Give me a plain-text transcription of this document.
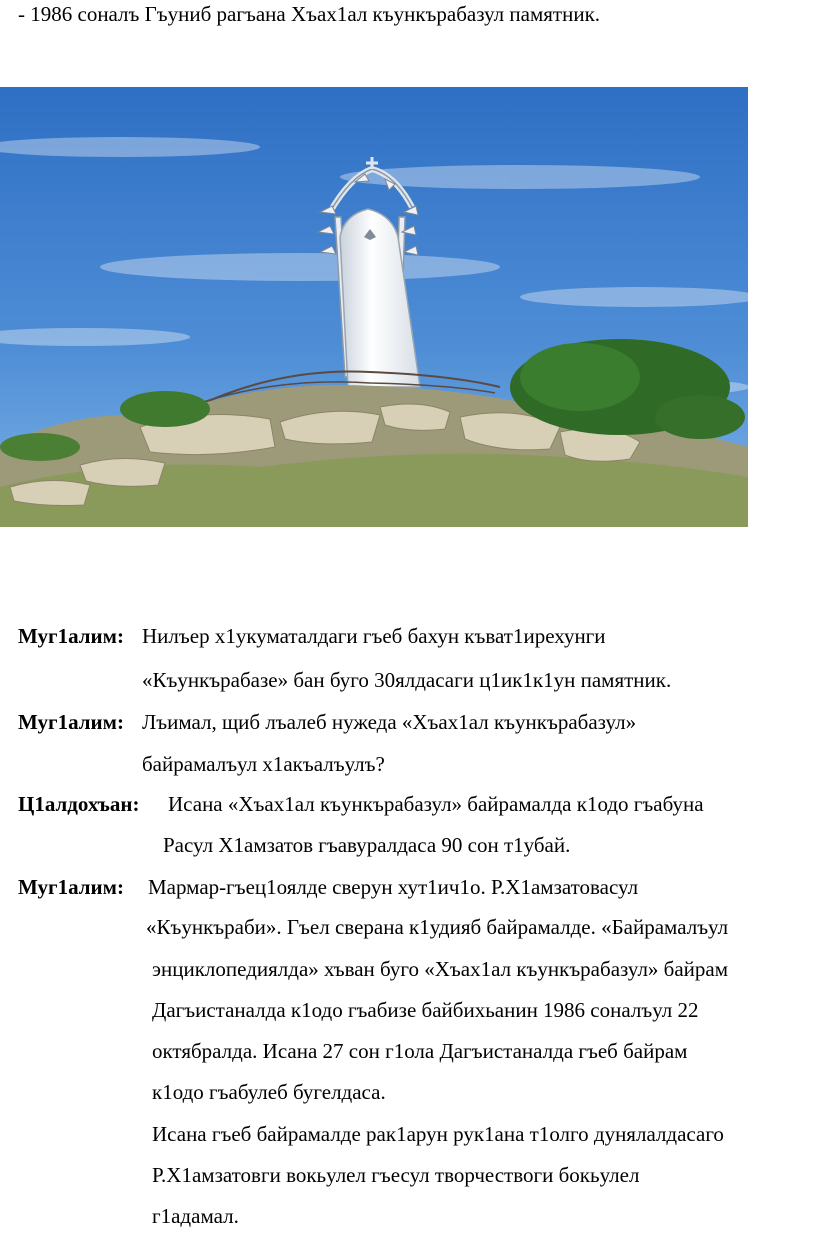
- 1986 соналъ Гъуниб рагъана Хъах1ал къункърабазул памятник.
Муг1алим: Нилъер х1укуматалдаги гъеб бахун къват1ирехунги
«Къункърабазе» бан буго 30ялдасаги ц1ик1к1ун памятник.
Муг1алим: Лъимал, щиб лъалеб нужеда «Хъах1ал къункърабазул»
байрамалъул х1акъалъулъ?
Ц1алдохъан: Исана «Хъах1ал къункърабазул» байрамалда к1одо гъабуна
Расул Х1амзатов гъавуралдаса 90 сон т1убай.
Муг1алим: Мармар-гъец1оялде сверун хут1ич1о. Р.Х1амзатовасул
«Къункъраби». Гъел сверана к1удияб байрамалде. «Байрамалъул
энциклопедиялда» хъван буго «Хъах1ал къункърабазул» байрам
Дагъистаналда к1одо гъабизе байбихьанин 1986 соналъул 22
октябралда. Исана 27 сон г1ола Дагъистаналда гъеб байрам
к1одо гъабулеб бугелдаса.
Исана гъеб байрамалде рак1арун рук1ана т1олго дунялалдасаго
Р.Х1амзатовги вокьулел гъесул творчествоги бокьулел
г1адамал.
